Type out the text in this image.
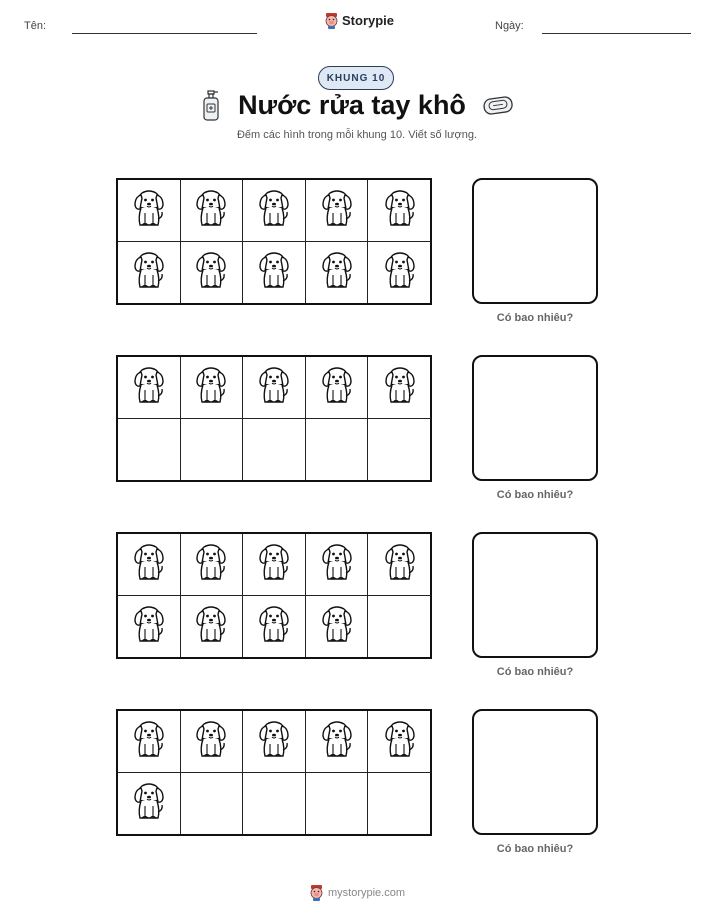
Tên:	Storypie	Ngày:
KHUNG 10
Nước rửa tay khô
Đếm các hình trong mỗi khung 10. Viết số lượng.
Có bao nhiêu?
Có bao nhiêu?
Có bao nhiêu?
Có bao nhiêu?
mystorypie.com
